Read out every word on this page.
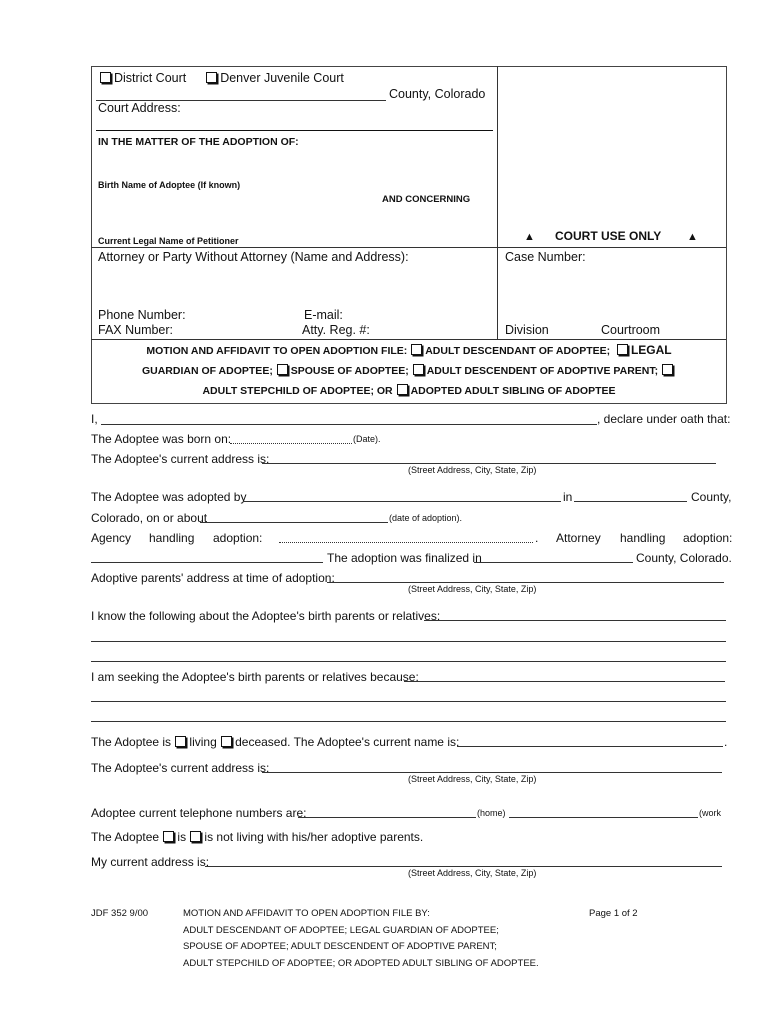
District Court	Denver Juvenile Court
County, Colorado
Court Address:
IN THE MATTER OF THE ADOPTION OF:
Birth Name of Adoptee (If known)
AND CONCERNING
Current Legal Name of Petitioner	▲ COURT USE ONLY ▲
Attorney or Party Without Attorney (Name and Address):	Case Number:
Phone Number:	E-mail:
FAX Number:	Atty. Reg. #:	Division	Courtroom
MOTION AND AFFIDAVIT TO OPEN ADOPTION FILE: ADULT DESCENDANT OF ADOPTEE; LEGAL
GUARDIAN OF ADOPTEE; SPOUSE OF ADOPTEE; ADULT DESCENDENT OF ADOPTIVE PARENT;
ADULT STEPCHILD OF ADOPTEE; OR ADOPTED ADULT SIBLING OF ADOPTEE
I,	, declare under oath that:
The Adoptee was born on:	(Date).
The Adoptee's current address is:
(Street Address, City, State, Zip)
The Adoptee was adopted by	in	County,
Colorado, on or about	(date of adoption).
Agency handling adoption:	. Attorney handling adoption:
The adoption was finalized in	County, Colorado.
Adoptive parents' address at time of adoption:
(Street Address, City, State, Zip)
I know the following about the Adoptee's birth parents or relatives:
I am seeking the Adoptee's birth parents or relatives because:
The Adoptee is living deceased. The Adoptee's current name is:	.
The Adoptee's current address is:
(Street Address, City, State, Zip)
Adoptee current telephone numbers are:	(home)	(work
The Adoptee is is not living with his/her adoptive parents.
My current address is:
(Street Address, City, State, Zip)
JDF 352 9/00	MOTION AND AFFIDAVIT TO OPEN ADOPTION FILE BY:
ADULT DESCENDANT OF ADOPTEE; LEGAL GUARDIAN OF ADOPTEE;
SPOUSE OF ADOPTEE; ADULT DESCENDENT OF ADOPTIVE PARENT;
ADULT STEPCHILD OF ADOPTEE; OR ADOPTED ADULT SIBLING OF ADOPTEE.
Page 1 of 2
